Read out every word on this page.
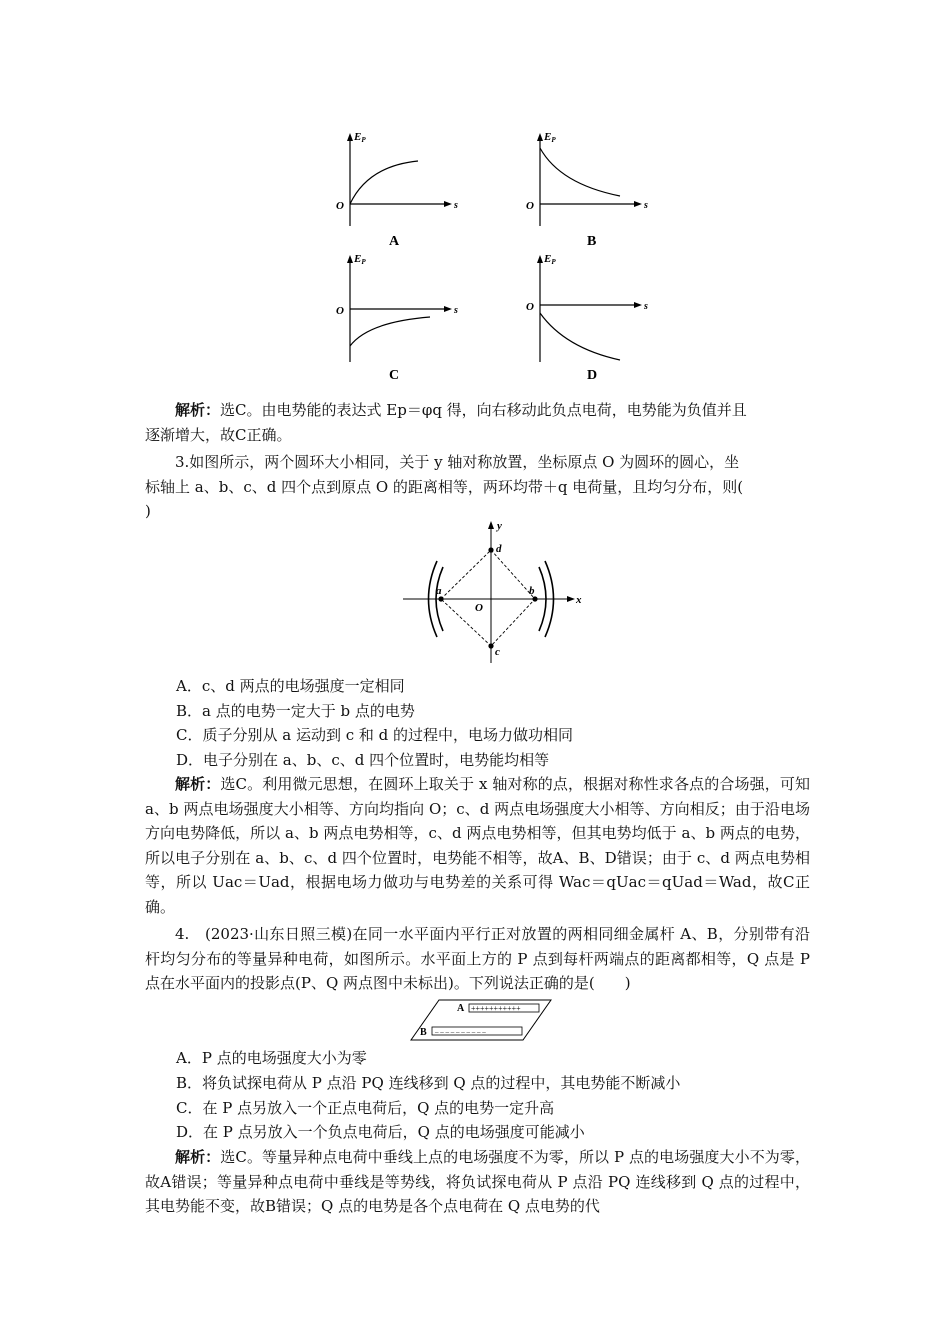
EP
O	s
A
EP
O	s
B
EP
O	s
C
EP
O	s
D
解析：选C。由电势能的表达式 Ep＝φq 得，向右移动此负点电荷，电势能为负值并且
逐渐增大，故C正确。
3.如图所示，两个圆环大小相同，关于 y 轴对称放置，坐标原点 O 为圆环的圆心，坐
标轴上 a、b、c、d 四个点到原点 O 的距离相等，两环均带＋q 电荷量，且均匀分布，则(
)
y
x
a	b
d
c
O
A．c、d 两点的电场强度一定相同
B．a 点的电势一定大于 b 点的电势
C．质子分别从 a 运动到 c 和 d 的过程中，电场力做功相同
D．电子分别在 a、b、c、d 四个位置时，电势能均相等
解析：选C。利用微元思想，在圆环上取关于 x 轴对称的点，根据对称性求各点的合场强，可知 a、b 两点电场强度大小相等、方向均指向 O；c、d 两点电场强度大小相等、方向相反；由于沿电场方向电势降低，所以 a、b 两点电势相等，c、d 两点电势相等，但其电势均低于 a、b 两点的电势，所以电子分别在 a、b、c、d 四个位置时，电势能不相等，故A、B、D错误；由于 c、d 两点电势相等，所以 Uac＝Uad，根据电场力做功与电势差的关系可得 Wac＝qUac＝qUad＝Wad，故C正确。
4.　(2023·山东日照三模)在同一水平面内平行正对放置的两相同细金属杆 A、B，分别带有沿杆均匀分布的等量异种电荷，如图所示。水平面上方的 P 点到每杆两端点的距离都相等，Q 点是 P 点在水平面内的投影点(P、Q 两点图中未标出)。下列说法正确的是(　　)
+++++++++++
– – – – – – – – – –
A
B
A．P 点的电场强度大小为零
B．将负试探电荷从 P 点沿 PQ 连线移到 Q 点的过程中，其电势能不断减小
C．在 P 点另放入一个正点电荷后，Q 点的电势一定升高
D．在 P 点另放入一个负点电荷后，Q 点的电场强度可能减小
解析：选C。等量异种点电荷中垂线上点的电场强度不为零，所以 P 点的电场强度大小不为零，故A错误；等量异种点电荷中垂线是等势线，将负试探电荷从 P 点沿 PQ 连线移到 Q 点的过程中，其电势能不变，故B错误；Q 点的电势是各个点电荷在 Q 点电势的代
